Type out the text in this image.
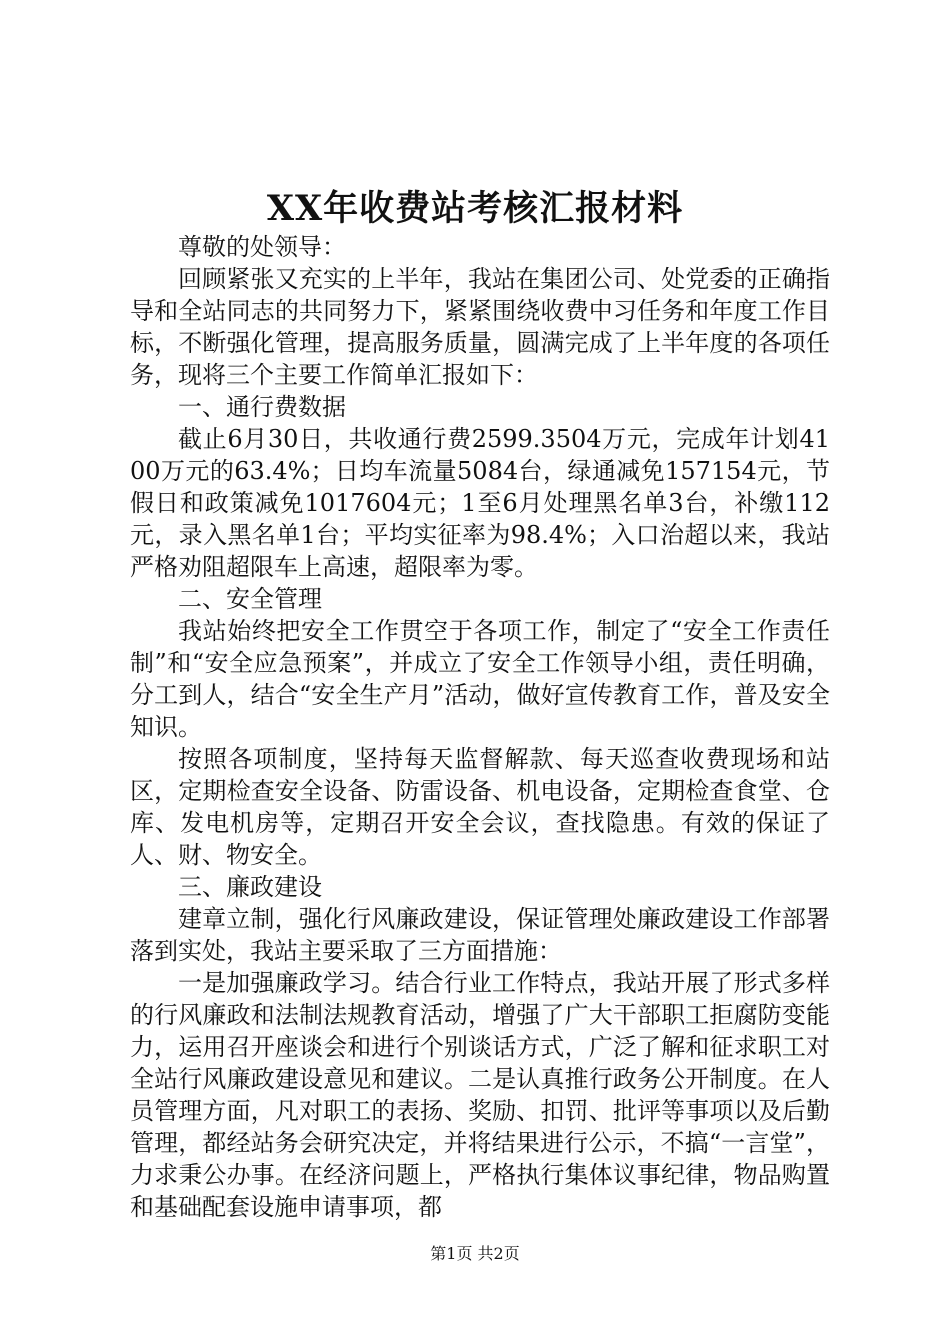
XX年收费站考核汇报材料

尊敬的处领导：

回顾紧张又充实的上半年，我站在集团公司、处党委的正确指导和全站同志的共同努力下，紧紧围绕收费中习任务和年度工作目标，不断强化管理，提高服务质量，圆满完成了上半年度的各项任务，现将三个主要工作简单汇报如下：

一、通行费数据

截止6月30日，共收通行费2599.3504万元，完成年计划4100万元的63.4%；日均车流量5084台，绿通减免157154元，节假日和政策减免1017604元；1至6月处理黑名单3台，补缴112元，录入黑名单1台；平均实征率为98.4%；入口治超以来，我站严格劝阻超限车上高速，超限率为零。

二、安全管理

我站始终把安全工作贯空于各项工作，制定了“安全工作责任制”和“安全应急预案”，并成立了安全工作领导小组，责任明确，分工到人，结合“安全生产月”活动，做好宣传教育工作，普及安全知识。

按照各项制度，坚持每天监督解款、每天巡查收费现场和站区，定期检查安全设备、防雷设备、机电设备，定期检查食堂、仓库、发电机房等，定期召开安全会议，查找隐患。有效的保证了人、财、物安全。

三、廉政建设

建章立制，强化行风廉政建设，保证管理处廉政建设工作部署落到实处，我站主要采取了三方面措施：

一是加强廉政学习。结合行业工作特点，我站开展了形式多样的行风廉政和法制法规教育活动，增强了广大干部职工拒腐防变能力，运用召开座谈会和进行个别谈话方式，广泛了解和征求职工对全站行风廉政建设意见和建议。二是认真推行政务公开制度。在人员管理方面，凡对职工的表扬、奖励、扣罚、批评等事项以及后勤管理，都经站务会研究决定，并将结果进行公示，不搞“一言堂”，力求秉公办事。在经济问题上，严格执行集体议事纪律，物品购置和基础配套设施申请事项，都

第1页 共2页
